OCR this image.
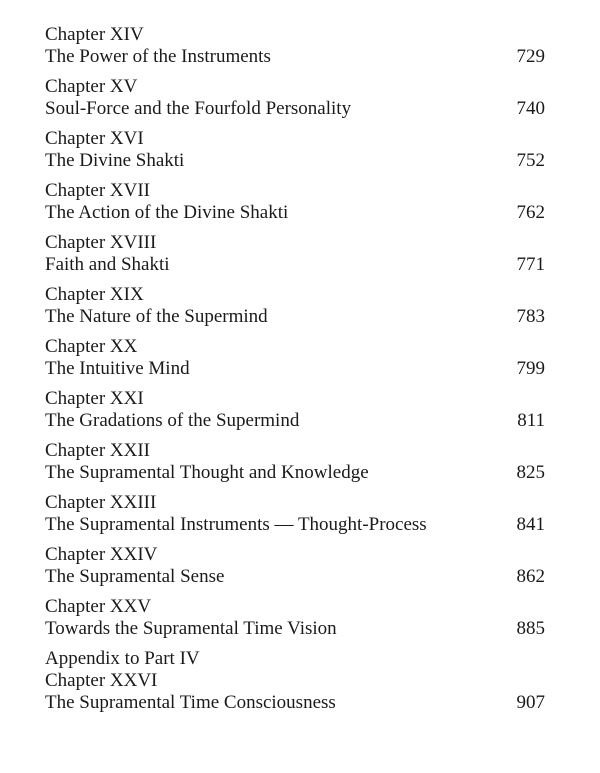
Chapter XIV
The Power of the Instruments	729
Chapter XV
Soul-Force and the Fourfold Personality	740
Chapter XVI
The Divine Shakti	752
Chapter XVII
The Action of the Divine Shakti	762
Chapter XVIII
Faith and Shakti	771
Chapter XIX
The Nature of the Supermind	783
Chapter XX
The Intuitive Mind	799
Chapter XXI
The Gradations of the Supermind	811
Chapter XXII
The Supramental Thought and Knowledge	825
Chapter XXIII
The Supramental Instruments — Thought-Process	841
Chapter XXIV
The Supramental Sense	862
Chapter XXV
Towards the Supramental Time Vision	885
Appendix to Part IV
Chapter XXVI
The Supramental Time Consciousness	907
